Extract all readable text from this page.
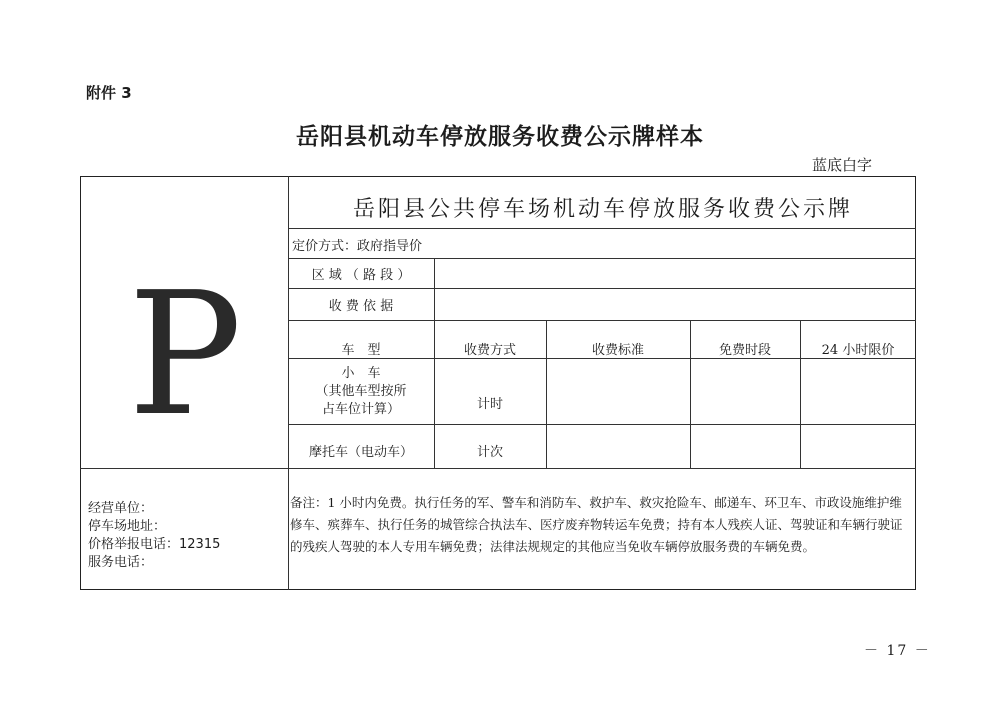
附件 3
岳阳县机动车停放服务收费公示牌样本
蓝底白字
P
岳阳县公共停车场机动车停放服务收费公示牌
定价方式：政府指导价
区 域 （ 路 段 ）
收 费 依 据
车　型	收费方式	收费标准	免费时段	24 小时限价
小　车
（其他车型按所
占车位计算）	计时
摩托车（电动车）	计次
经营单位：
停车场地址：
价格举报电话：12315
服务电话：
备注：1 小时内免费。执行任务的军、警车和消防车、救护车、救灾抢险车、邮递车、环卫车、市政设施维护维修车、殡葬车、执行任务的城管综合执法车、医疗废弃物转运车免费；持有本人残疾人证、驾驶证和车辆行驶证的残疾人驾驶的本人专用车辆免费；法律法规规定的其他应当免收车辆停放服务费的车辆免费。
－ 17 －
